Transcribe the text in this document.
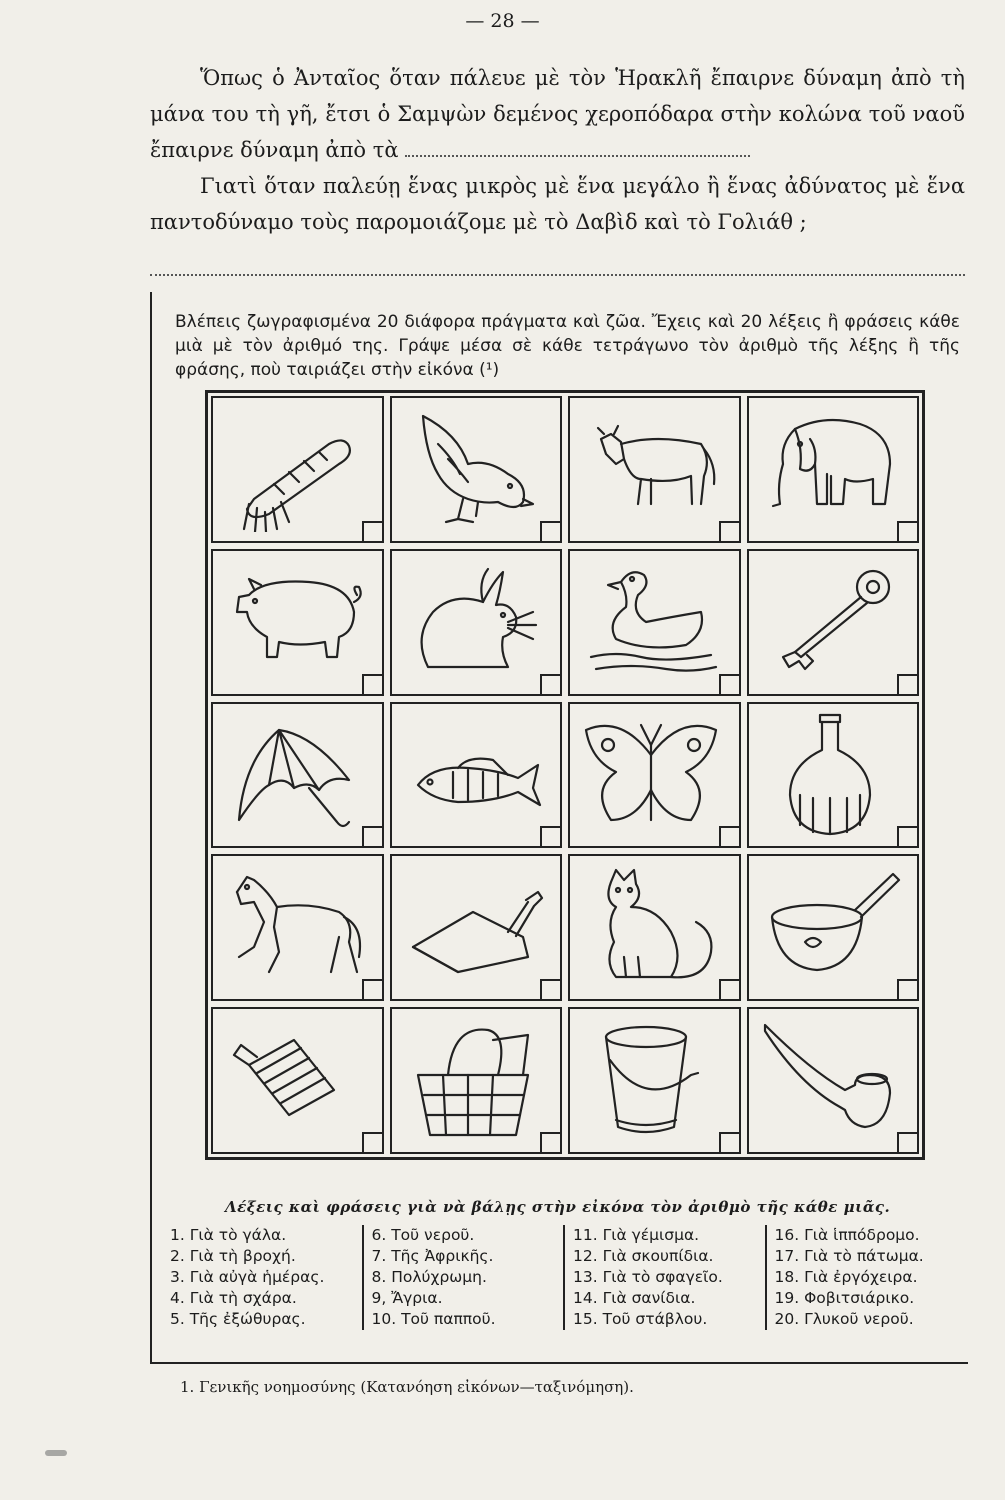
— 28 —

Ὅπως ὁ Ἀνταῖος ὅταν πάλευε μὲ τὸν Ἡρακλῆ ἔπαιρνε δύναμη ἀπὸ τὴ μάνα του τὴ γῆ, ἔτσι ὁ Σαμψὼν δεμένος χεροπόδαρα στὴν κολώνα τοῦ ναοῦ ἔπαιρνε δύναμη ἀπὸ τὰ

Γιατὶ ὅταν παλεύῃ ἕνας μικρὸς μὲ ἕνα μεγάλο ἢ ἕνας ἀδύνατος μὲ ἕνα παντοδύναμο τοὺς παρομοιάζομε μὲ τὸ Δαβὶδ καὶ τὸ Γολιάθ ;

Βλέπεις ζωγραφισμένα 20 διάφορα πράγματα καὶ ζῶα. Ἔχεις καὶ 20 λέξεις ἢ φράσεις κάθε μιὰ μὲ τὸν ἀριθμό της. Γράψε μέσα σὲ κάθε τετράγωνο τὸν ἀριθμὸ τῆς λέξης ἢ τῆς φράσης, ποὺ ταιριάζει στὴν εἰκόνα (¹)
Λέξεις καὶ φράσεις γιὰ νὰ βάλῃς στὴν εἰκόνα τὸν ἀριθμὸ τῆς κάθε μιᾶς.
1. Γιὰ τὸ γάλα.
2. Γιὰ τὴ βροχή.
3. Γιὰ αὐγὰ ἡμέρας.
4. Γιὰ τὴ σχάρα.
5. Τῆς ἐξώθυρας.
6. Τοῦ νεροῦ.
7. Τῆς Ἀφρικῆς.
8. Πολύχρωμη.
9, Ἄγρια.
10. Τοῦ παπποῦ.
11. Γιὰ γέμισμα.
12. Γιὰ σκουπίδια.
13. Γιὰ τὸ σφαγεῖο.
14. Γιὰ σανίδια.
15. Τοῦ στάβλου.
16. Γιὰ ἱππόδρομο.
17. Γιὰ τὸ πάτωμα.
18. Γιὰ ἐργόχειρα.
19. Φοβιτσιάρικο.
20. Γλυκοῦ νεροῦ.
1. Γενικῆς νοημοσύνης (Κατανόηση εἰκόνων—ταξινόμηση).
